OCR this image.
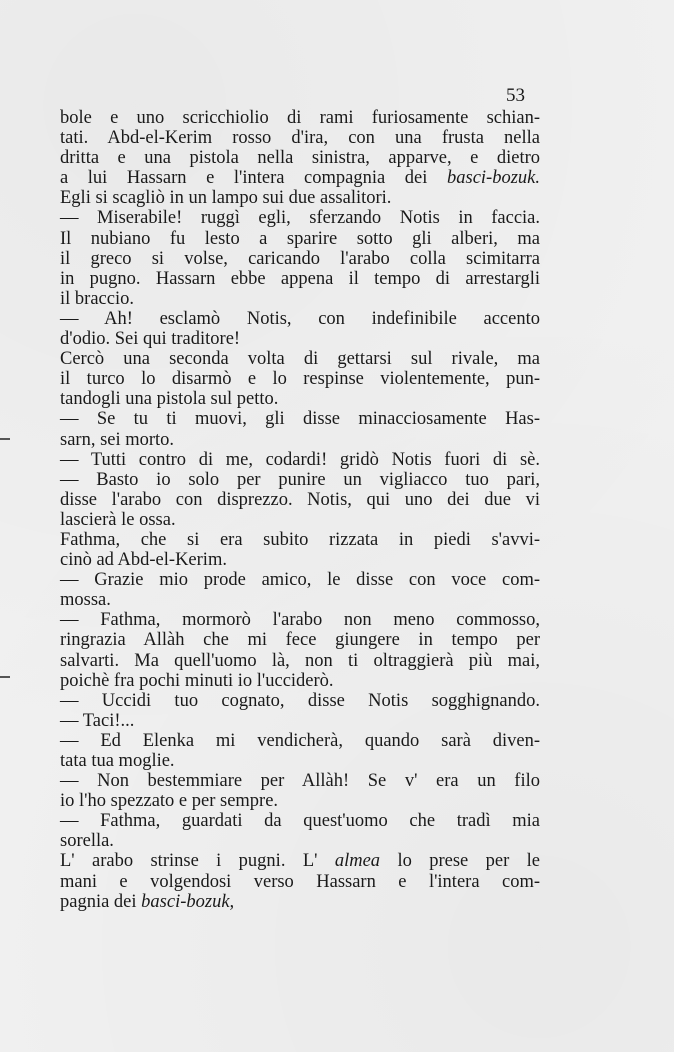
53
bole e uno scricchiolio di rami furiosamente schian-
tati. Abd-el-Kerim rosso d'ira, con una frusta nella
dritta e una pistola nella sinistra, apparve, e dietro
a lui Hassarn e l'intera compagnia dei basci-bozuk.
Egli si scagliò in un lampo sui due assalitori.
— Miserabile! ruggì egli, sferzando Notis in faccia.
Il nubiano fu lesto a sparire sotto gli alberi, ma
il greco si volse, caricando l'arabo colla scimitarra
in pugno. Hassarn ebbe appena il tempo di arrestargli
il braccio.
— Ah! esclamò Notis, con indefinibile accento
d'odio. Sei qui traditore!
Cercò una seconda volta di gettarsi sul rivale, ma
il turco lo disarmò e lo respinse violentemente, pun-
tandogli una pistola sul petto.
— Se tu ti muovi, gli disse minacciosamente Has-
sarn, sei morto.
— Tutti contro di me, codardi! gridò Notis fuori di sè.
— Basto io solo per punire un vigliacco tuo pari,
disse l'arabo con disprezzo. Notis, qui uno dei due vi
lascierà le ossa.
Fathma, che si era subito rizzata in piedi s'avvi-
cinò ad Abd-el-Kerim.
— Grazie mio prode amico, le disse con voce com-
mossa.
— Fathma, mormorò l'arabo non meno commosso,
ringrazia Allàh che mi fece giungere in tempo per
salvarti. Ma quell'uomo là, non ti oltraggierà più mai,
poichè fra pochi minuti io l'ucciderò.
— Uccidi tuo cognato, disse Notis sogghignando.
— Taci!...
— Ed Elenka mi vendicherà, quando sarà diven-
tata tua moglie.
— Non bestemmiare per Allàh! Se v' era un filo
io l'ho spezzato e per sempre.
— Fathma, guardati da quest'uomo che tradì mia
sorella.
L' arabo strinse i pugni. L' almea lo prese per le
mani e volgendosi verso Hassarn e l'intera com-
pagnia dei basci-bozuk,
